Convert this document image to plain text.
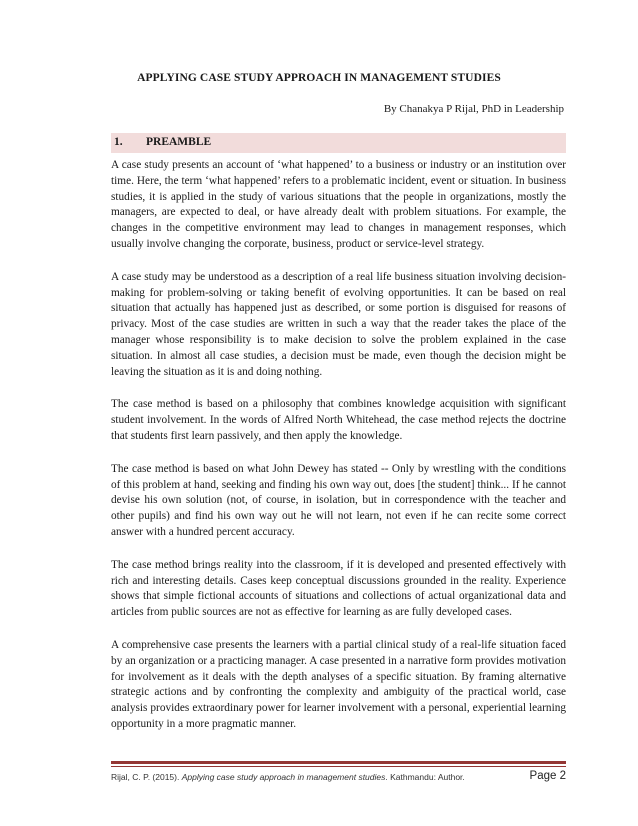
APPLYING CASE STUDY APPROACH IN MANAGEMENT STUDIES
By Chanakya P Rijal, PhD in Leadership
1. PREAMBLE

A case study presents an account of ‘what happened’ to a business or industry or an institution over time. Here, the term ‘what happened’ refers to a problematic incident, event or situation. In business studies, it is applied in the study of various situations that the people in organizations, mostly the managers, are expected to deal, or have already dealt with problem situations. For example, the changes in the competitive environment may lead to changes in management responses, which usually involve changing the corporate, business, product or service-level strategy.

A case study may be understood as a description of a real life business situation involving decision-making for problem-solving or taking benefit of evolving opportunities. It can be based on real situation that actually has happened just as described, or some portion is disguised for reasons of privacy. Most of the case studies are written in such a way that the reader takes the place of the manager whose responsibility is to make decision to solve the problem explained in the case situation. In almost all case studies, a decision must be made, even though the decision might be leaving the situation as it is and doing nothing.

The case method is based on a philosophy that combines knowledge acquisition with significant student involvement. In the words of Alfred North Whitehead, the case method rejects the doctrine that students first learn passively, and then apply the knowledge.

The case method is based on what John Dewey has stated -- Only by wrestling with the conditions of this problem at hand, seeking and finding his own way out, does [the student] think... If he cannot devise his own solution (not, of course, in isolation, but in correspondence with the teacher and other pupils) and find his own way out he will not learn, not even if he can recite some correct answer with a hundred percent accuracy.

The case method brings reality into the classroom, if it is developed and presented effectively with rich and interesting details. Cases keep conceptual discussions grounded in the reality. Experience shows that simple fictional accounts of situations and collections of actual organizational data and articles from public sources are not as effective for learning as are fully developed cases.

A comprehensive case presents the learners with a partial clinical study of a real-life situation faced by an organization or a practicing manager. A case presented in a narrative form provides motivation for involvement as it deals with the depth analyses of a specific situation. By framing alternative strategic actions and by confronting the complexity and ambiguity of the practical world, case analysis provides extraordinary power for learner involvement with a personal, experiential learning opportunity in a more pragmatic manner.

Rijal, C. P. (2015). Applying case study approach in management studies. Kathmandu: Author.	Page 2
